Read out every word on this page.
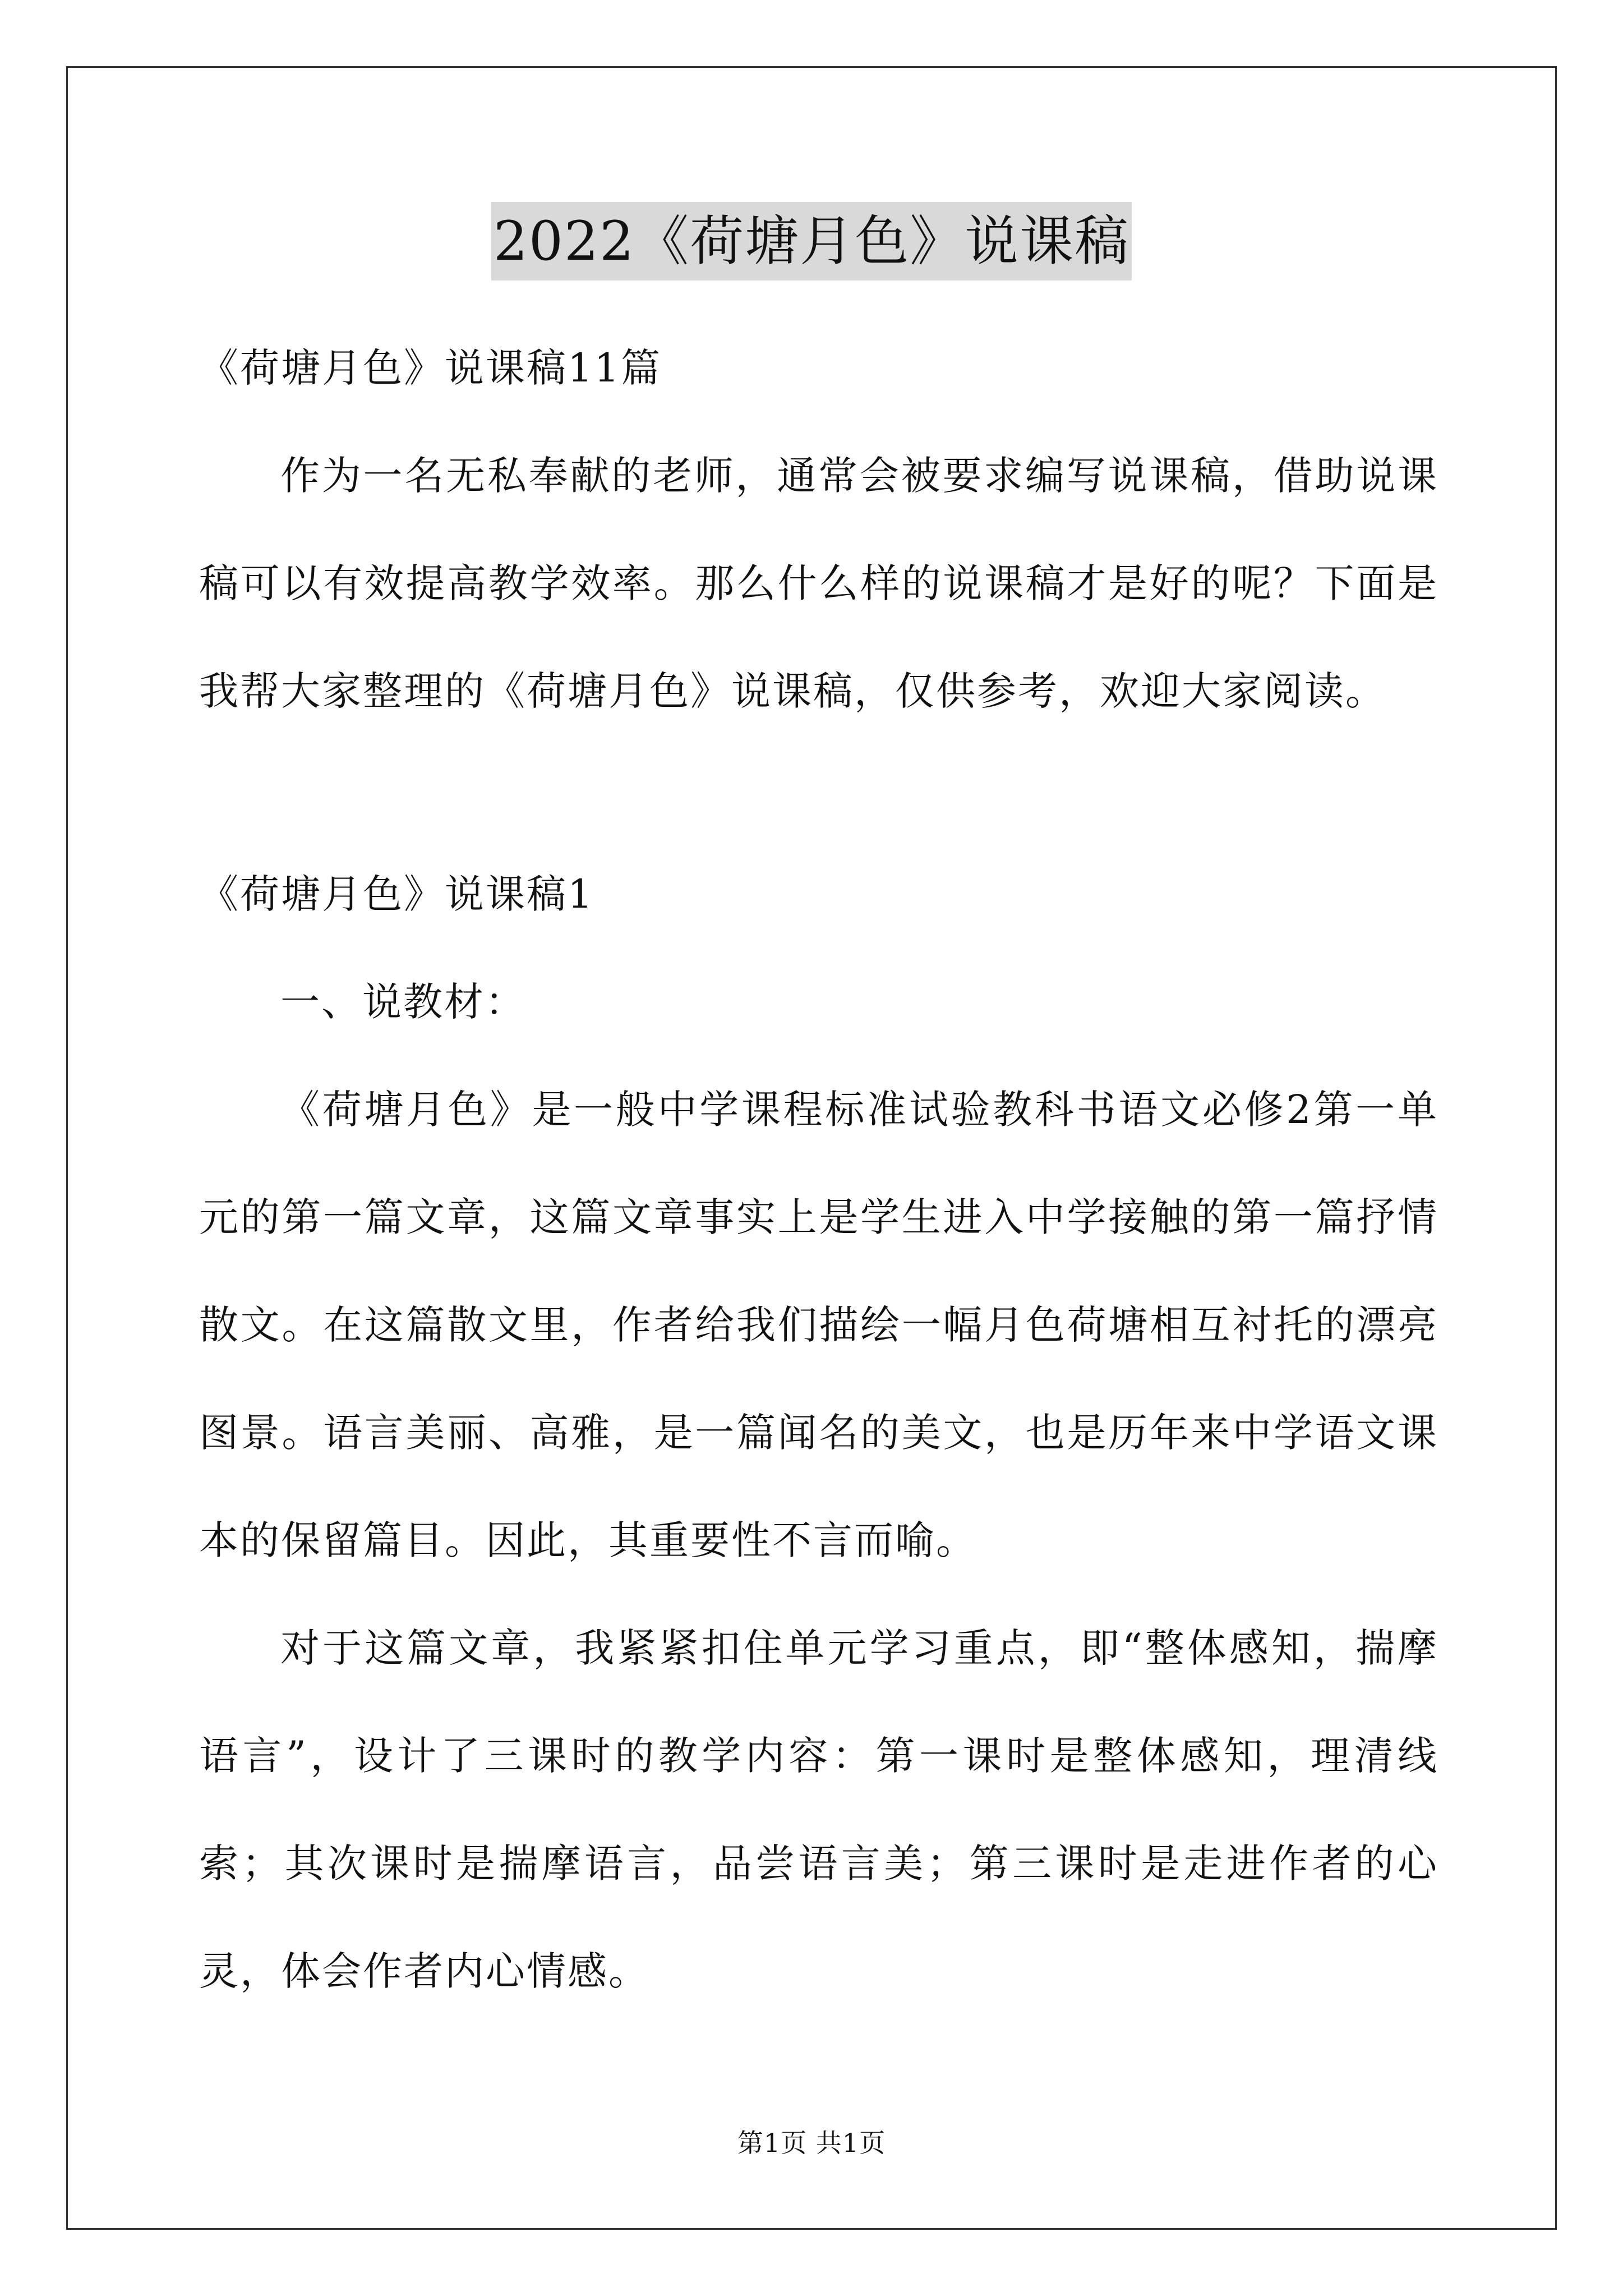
2022《荷塘月色》说课稿

《荷塘月色》说课稿11篇

作为一名无私奉献的老师，通常会被要求编写说课稿，借助说课稿可以有效提高教学效率。那么什么样的说课稿才是好的呢？下面是我帮大家整理的《荷塘月色》说课稿，仅供参考，欢迎大家阅读。

《荷塘月色》说课稿1

一、说教材：

《荷塘月色》是一般中学课程标准试验教科书语文必修2第一单元的第一篇文章，这篇文章事实上是学生进入中学接触的第一篇抒情散文。在这篇散文里，作者给我们描绘一幅月色荷塘相互衬托的漂亮图景。语言美丽、高雅，是一篇闻名的美文，也是历年来中学语文课本的保留篇目。因此，其重要性不言而喻。

对于这篇文章，我紧紧扣住单元学习重点，即“整体感知，揣摩语言”，设计了三课时的教学内容：第一课时是整体感知，理清线索；其次课时是揣摩语言，品尝语言美；第三课时是走进作者的心灵，体会作者内心情感。

第1页 共1页
